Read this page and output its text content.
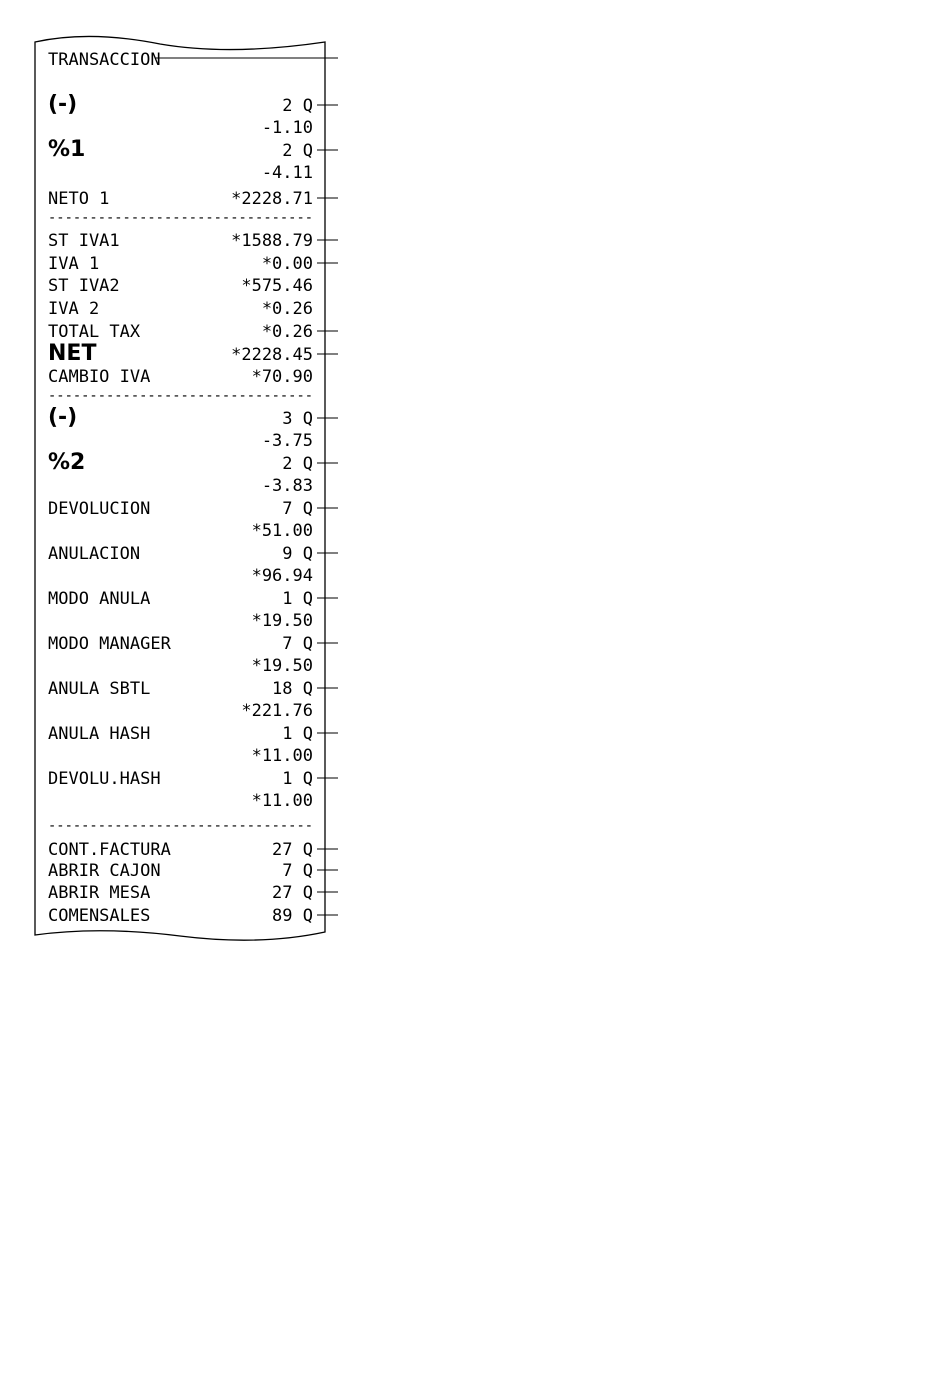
TRANSACCION
(-)	2 Q
-1.10
%1	2 Q
-4.11
NETO 1	*2228.71
--------------------------------
ST IVA1	*1588.79
IVA 1	*0.00
ST IVA2	*575.46
IVA 2	*0.26
TOTAL TAX	*0.26
NET	*2228.45
CAMBIO IVA	*70.90
--------------------------------
(-)	3 Q
-3.75
%2	2 Q
-3.83
DEVOLUCION	7 Q
*51.00
ANULACION	9 Q
*96.94
MODO ANULA	1 Q
*19.50
MODO MANAGER	7 Q
*19.50
ANULA SBTL	18 Q
*221.76
ANULA HASH	1 Q
*11.00
DEVOLU.HASH	1 Q
*11.00
--------------------------------
CONT.FACTURA	27 Q
ABRIR CAJON	7 Q
ABRIR MESA	27 Q
COMENSALES	89 Q
